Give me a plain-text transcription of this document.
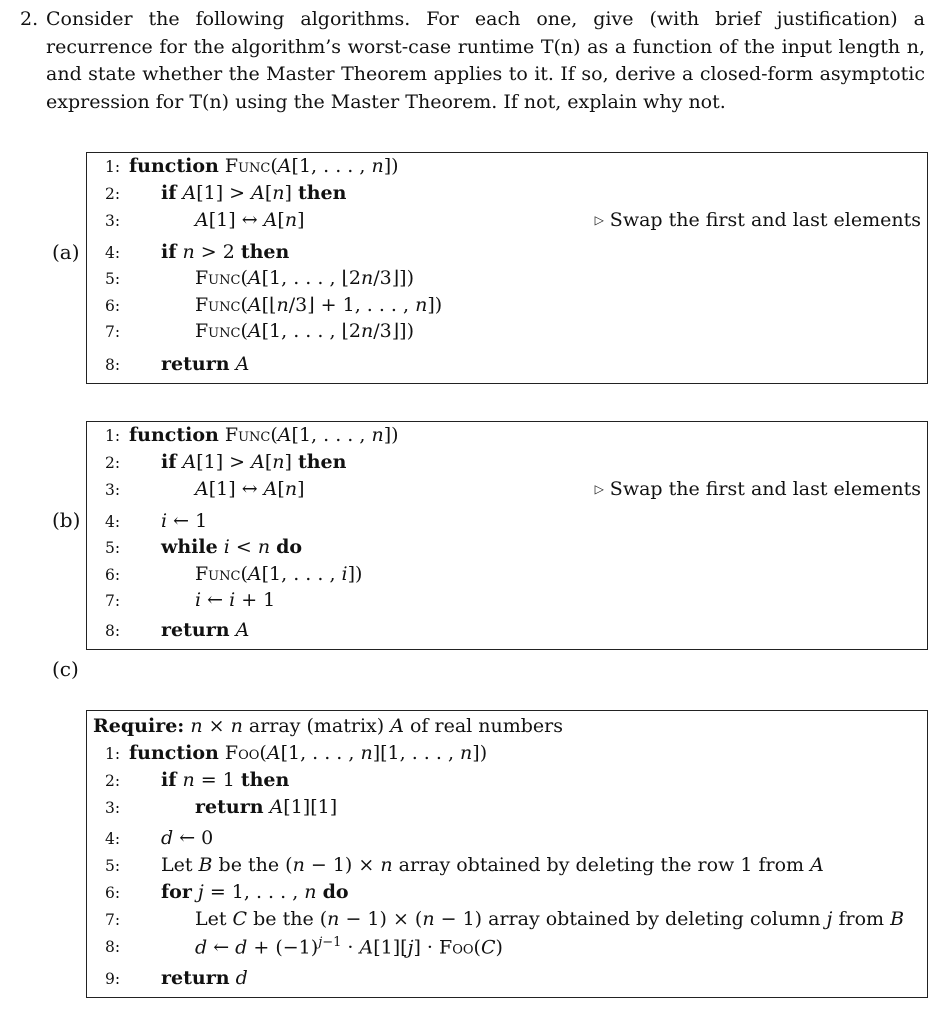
2. Consider the following algorithms. For each one, give (with brief justification) a recurrence for the algorithm’s worst-case runtime T(n) as a function of the input length n, and state whether the Master Theorem applies to it. If so, derive a closed-form asymptotic expression for T(n) using the Master Theorem. If not, explain why not.
(a)
1: function Func(A[1, . . . , n])
2: if A[1] > A[n] then
3:	A[1] ↔ A[n]	▷ Swap the first and last elements
4: if n > 2 then
5:	Func(A[1, . . . , ⌊2n/3⌋])
6:	Func(A[⌊n/3⌋ + 1, . . . , n])
7:	Func(A[1, . . . , ⌊2n/3⌋])
8: return A
(b)
1: function Func(A[1, . . . , n])
2: if A[1] > A[n] then
3:	A[1] ↔ A[n]	▷ Swap the first and last elements
4: i ← 1
5: while i < n do
6:	Func(A[1, . . . , i])
7:	i ← i + 1
8: return A
(c)
Require: n × n array (matrix) A of real numbers
1: function Foo(A[1, . . . , n][1, . . . , n])
2: if n = 1 then
3:	return A[1][1]
4: d ← 0
5: Let B be the (n − 1) × n array obtained by deleting the row 1 from A
6: for j = 1, . . . , n do
7:	Let C be the (n − 1) × (n − 1) array obtained by deleting column j from B
8:	d ← $d + (-1)^{j-1} \cdot A[1][j] \cdot Foo(C)$
9: return d
